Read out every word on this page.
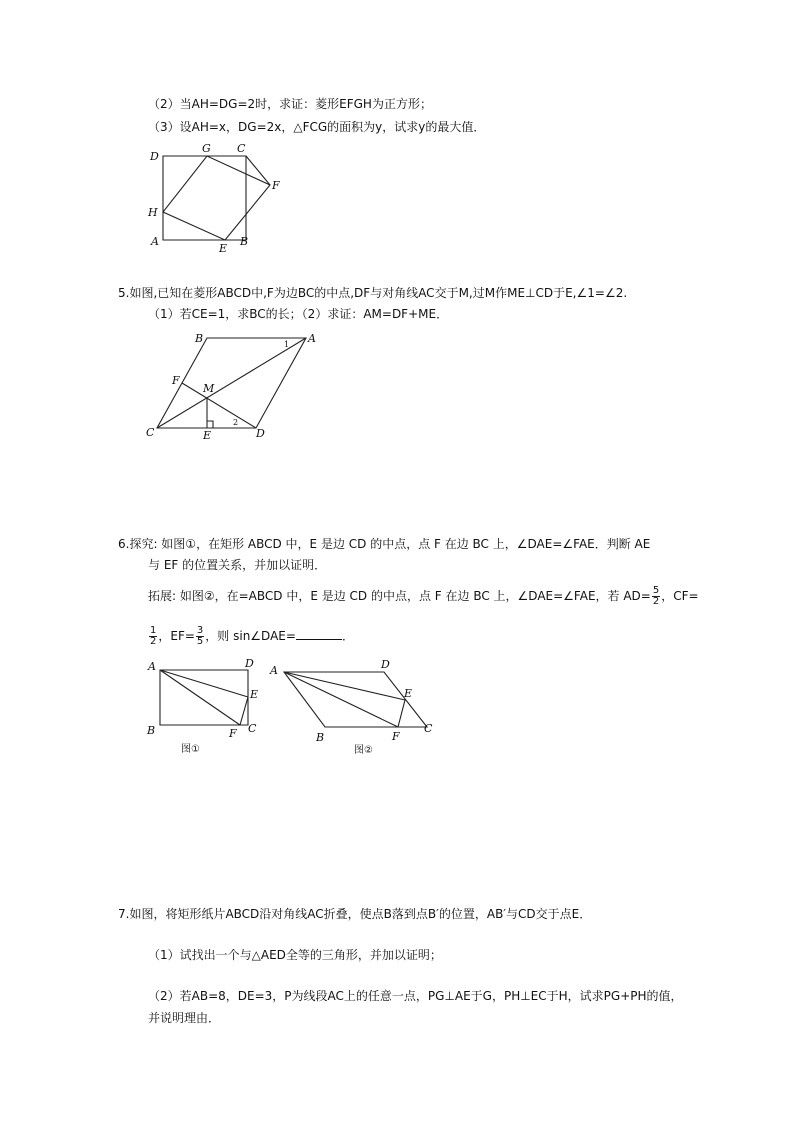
（2）当AH=DG=2时，求证：菱形EFGH为正方形；
（3）设AH=x，DG=2x，△FCG的面积为y，试求y的最大值．
D
G C
F
H
A
E
B
5.如图,已知在菱形ABCD中,F为边BC的中点,DF与对角线AC交于M,过M作ME⊥CD于E,∠1=∠2.
（1）若CE=1，求BC的长；（2）求证：AM=DF+ME．
B	A
1
F
M
C	E
2
D
6.探究: 如图①，在矩形 ABCD 中，E 是边 CD 的中点，点 F 在边 BC 上，∠DAE=∠FAE．判断 AE
与 EF 的位置关系，并加以证明．
拓展: 如图②，在=ABCD 中，E 是边 CD 的中点，点 F 在边 BC 上，∠DAE=∠FAE，若 $AD= \frac{5}{2}$ ，CF=
$\frac{1}{2}$ ，$EF= \frac{3}{5}$ ，则 sin∠DAE=	．
A	D
E
B	F C
图①
A	D
E
B	F
C
图②
7.如图，将矩形纸片ABCD沿对角线AC折叠，使点B落到点B′的位置，AB′与CD交于点E．
（1）试找出一个与△AED全等的三角形，并加以证明；
（2）若AB=8，DE=3，P为线段AC上的任意一点，PG⊥AE于G，PH⊥EC于H，试求PG+PH的值，
并说明理由．
